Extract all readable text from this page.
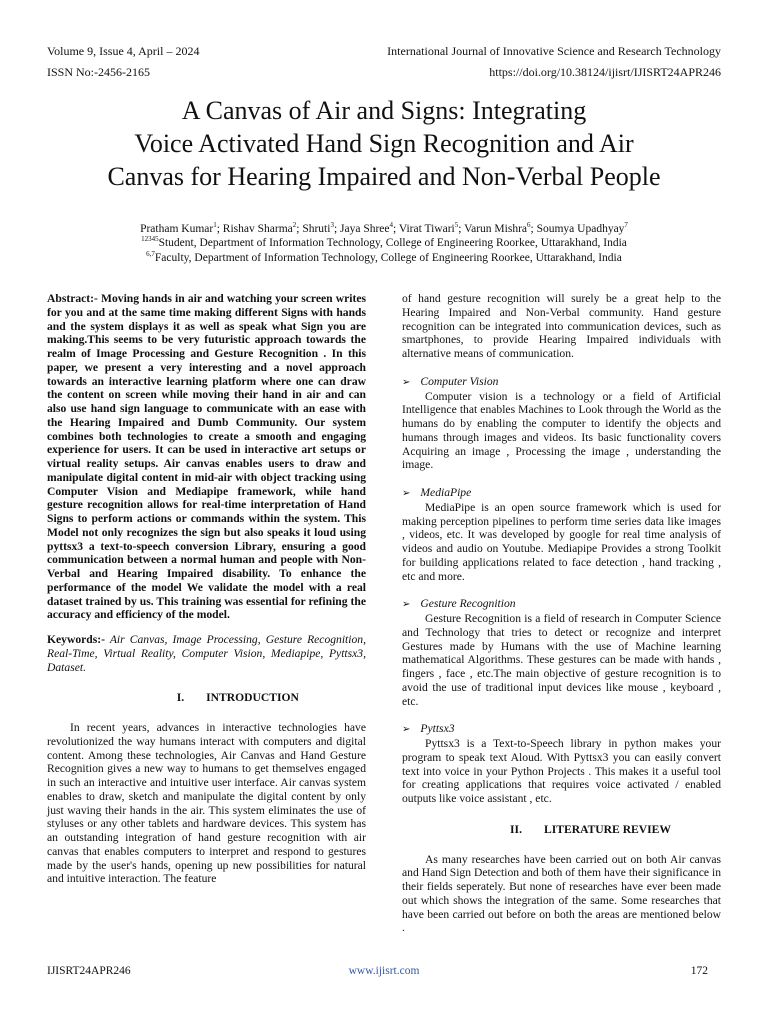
Volume 9, Issue 4, April – 2024	International Journal of Innovative Science and Research Technology
ISSN No:-2456-2165	https://doi.org/10.38124/ijisrt/IJISRT24APR246
A Canvas of Air and Signs: Integrating
Voice Activated Hand Sign Recognition and Air
Canvas for Hearing Impaired and Non-Verbal People
Pratham Kumar$^1$; Rishav Sharma$^2$; Shruti$^3$; Jaya Shree$^4$; Virat Tiwari$^5$; Varun Mishra$^6$; Soumya Upadhyay$^7$
$^{12345}$Student, Department of Information Technology, College of Engineering Roorkee, Uttarakhand, India
$^{6,7}$Faculty, Department of Information Technology, College of Engineering Roorkee, Uttarakhand, India

Abstract:- Moving hands in air and watching your screen writes for you and at the same time making different Signs with hands and the system displays it as well as speak what Sign you are making.This seems to be very futuristic approach towards the realm of Image Processing and Gesture Recognition . In this paper, we present a very interesting and a novel approach towards an interactive learning platform where one can draw the content on screen while moving their hand in air and can also use hand sign language to communicate with an ease with the Hearing Impaired and Dumb Community. Our system combines both technologies to create a smooth and engaging experience for users. It can be used in interactive art setups or virtual reality setups. Air canvas enables users to draw and manipulate digital content in mid-air with object tracking using Computer Vision and Mediapipe framework, while hand gesture recognition allows for real-time interpretation of Hand Signs to perform actions or commands within the system. This Model not only recognizes the sign but also speaks it loud using pyttsx3 a text-to-speech conversion Library, ensuring a good communication between a normal human and people with Non-Verbal and Hearing Impaired disability. To enhance the performance of the model We validate the model with a real dataset trained by us. This training was essential for refining the accuracy and efficiency of the model.

Keywords:- Air Canvas, Image Processing, Gesture Recognition, Real-Time, Virtual Reality, Computer Vision, Mediapipe, Pyttsx3, Dataset.

I. INTRODUCTION

In recent years, advances in interactive technologies have revolutionized the way humans interact with computers and digital content. Among these technologies, Air Canvas and Hand Gesture Recognition gives a new way to humans to get themselves engaged in such an interactive and intuitive user interface. Air canvas system enables to draw, sketch and manipulate the digital content by only just waving their hands in the air. This system eliminates the use of styluses or any other tablets and hardware devices. This system has an outstanding integration of hand gesture recognition with air canvas that enables computers to interpret and respond to gestures made by the user's hands, opening up new possibilities for natural and intuitive interaction. The feature

of hand gesture recognition will surely be a great help to the Hearing Impaired and Non-Verbal community. Hand gesture recognition can be integrated into communication devices, such as smartphones, to provide Hearing Impaired individuals with alternative means of communication.

➢ Computer Vision

Computer vision is a technology or a field of Artificial Intelligence that enables Machines to Look through the World as the humans do by enabling the computer to identify the objects and humans through images and videos. Its basic functionality covers Acquiring an image , Processing the image , understanding the image.

➢ MediaPipe

MediaPipe is an open source framework which is used for making perception pipelines to perform time series data like images , videos, etc. It was developed by google for real time analysis of videos and audio on Youtube. Mediapipe Provides a strong Toolkit for building applications related to face detection , hand tracking , etc and more.

➢ Gesture Recognition

Gesture Recognition is a field of research in Computer Science and Technology that tries to detect or recognize and interpret Gestures made by Humans with the use of Machine learning mathematical Algorithms. These gestures can be made with hands , fingers , face , etc.The main objective of gesture recognition is to avoid the use of traditional input devices like mouse , keyboard , etc.

➢ Pyttsx3

Pyttsx3 is a Text-to-Speech library in python makes your program to speak text Aloud. With Pyttsx3 you can easily convert text into voice in your Python Projects . This makes it a useful tool for creating applications that requires voice activated / enabled outputs like voice assistant , etc.

II. LITERATURE REVIEW

As many researches have been carried out on both Air canvas and Hand Sign Detection and both of them have their significance in their fields seperately. But none of researches have ever been made out which shows the integration of the same. Some researches that have been carried out before on both the areas are mentioned below .

IJISRT24APR246	www.ijisrt.com	172
